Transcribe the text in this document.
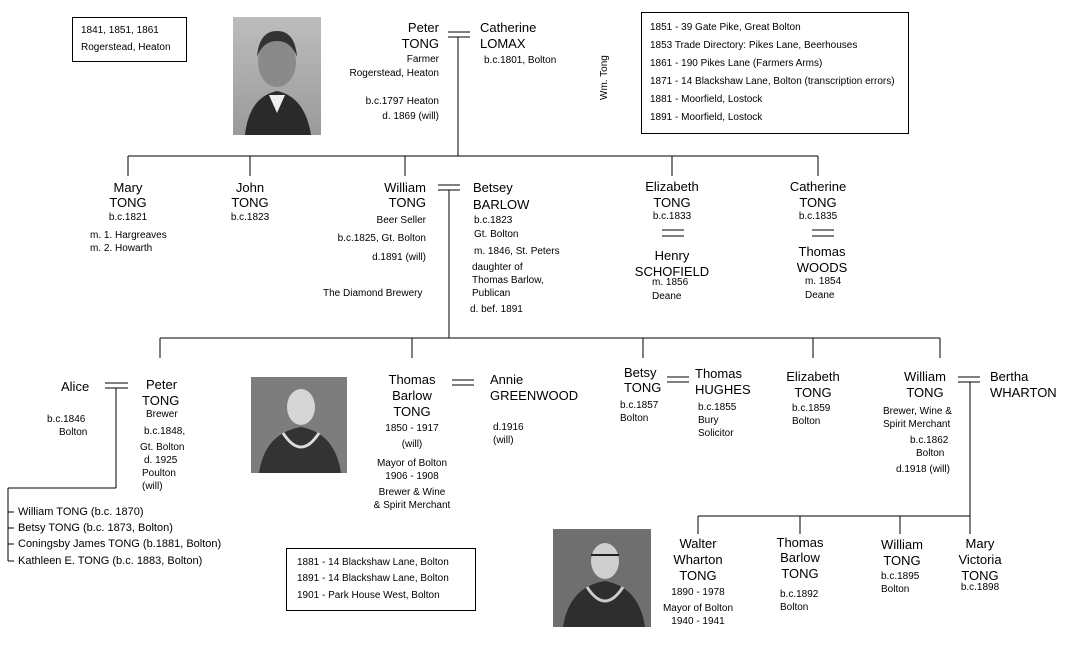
1841, 1851, 1861
Rogerstead, Heaton
1851 - 39 Gate Pike, Great Bolton
1853 Trade Directory: Pikes Lane, Beerhouses
1861 - 190 Pikes Lane (Farmers Arms)
1871 - 14 Blackshaw Lane, Bolton (transcription errors)
1881 - Moorfield, Lostock
1891 - Moorfield, Lostock
Wm. Tong
1881 - 14 Blackshaw Lane, Bolton
1891 - 14 Blackshaw Lane, Bolton
1901 - Park House West, Bolton
Peter
TONG
Farmer
Rogerstead, Heaton
b.c.1797 Heaton
d. 1869 (will)
Catherine
LOMAX
b.c.1801, Bolton
Mary
TONG
b.c.1821
m. 1. Hargreaves
m. 2. Howarth
John
TONG
b.c.1823
William
TONG
Beer Seller
b.c.1825, Gt. Bolton
d.1891 (will)
The Diamond Brewery
Betsey
BARLOW
b.c.1823
Gt. Bolton
m. 1846, St. Peters
daughter of
Thomas Barlow,
Publican
d. bef. 1891
Elizabeth
TONG
b.c.1833
Henry
SCHOFIELD
m. 1856
Deane
Catherine
TONG
b.c.1835
Thomas
WOODS
m. 1854
Deane
Alice
b.c.1846
Bolton
Peter
TONG
Brewer
b.c.1848,
Gt. Bolton
d. 1925
Poulton
(will)
William TONG (b.c. 1870)
Betsy TONG (b.c. 1873, Bolton)
Coningsby James TONG (b.1881, Bolton)
Kathleen E. TONG (b.c. 1883, Bolton)
Thomas
Barlow
TONG
1850 - 1917
(will)
Mayor of Bolton
1906 - 1908
Brewer & Wine
& Spirit Merchant
Annie
GREENWOOD
d.1916
(will)
Betsy
TONG
b.c.1857
Bolton
Thomas
HUGHES
b.c.1855
Bury
Solicitor
Elizabeth
TONG
b.c.1859
Bolton
William
TONG
Brewer, Wine &
Spirit Merchant
b.c.1862
Bolton
d.1918 (will)
Bertha
WHARTON
Walter
Wharton
TONG
1890 - 1978
Mayor of Bolton
1940 - 1941
Thomas
Barlow
TONG
b.c.1892
Bolton
William
TONG
b.c.1895
Bolton
Mary
Victoria
TONG
b.c.1898
